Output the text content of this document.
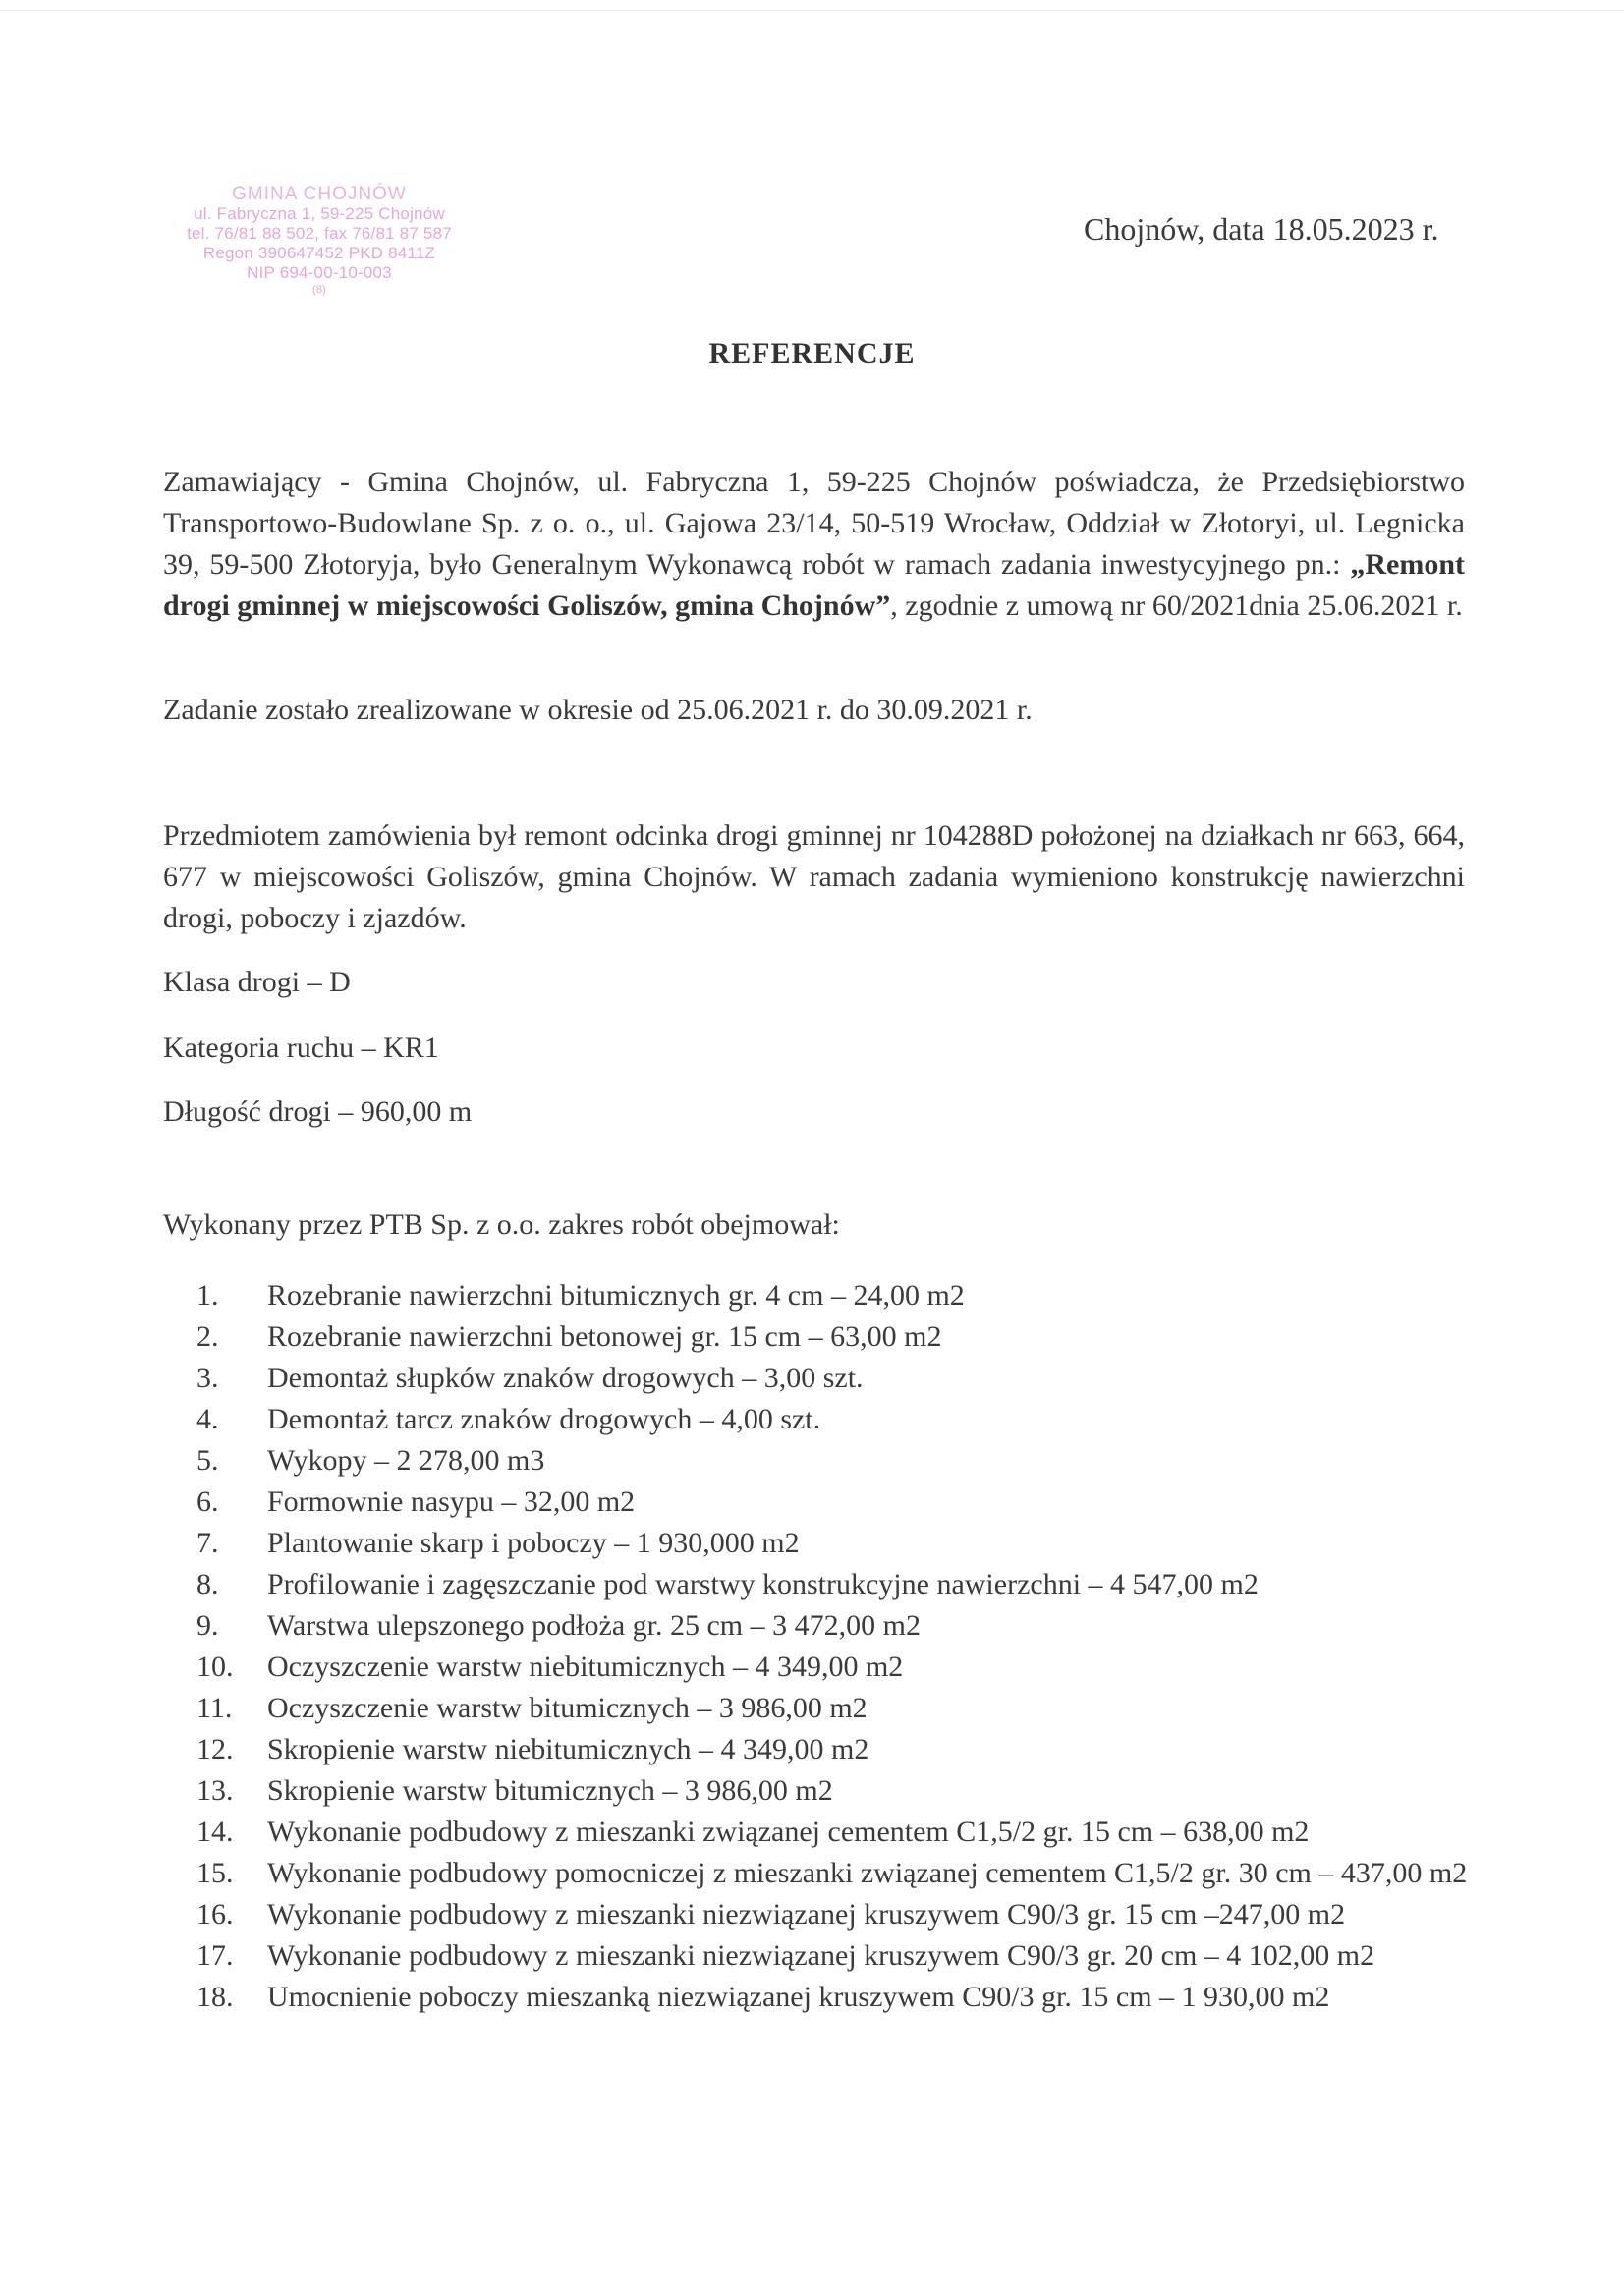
GMINA CHOJNÓW
ul. Fabryczna 1, 59-225 Chojnów
tel. 76/81 88 502, fax 76/81 87 587
Regon 390647452 PKD 8411Z
NIP 694-00-10-003
(8)
Chojnów, data 18.05.2023 r.
REFERENCJE

Zamawiający - Gmina Chojnów, ul. Fabryczna 1, 59-225 Chojnów poświadcza, że Przedsiębiorstwo Transportowo-Budowlane Sp. z o. o., ul. Gajowa 23/14, 50-519 Wrocław, Oddział w Złotoryi, ul. Legnicka 39, 59-500 Złotoryja, było Generalnym Wykonawcą robót w ramach zadania inwestycyjnego pn.: „Remont drogi gminnej w miejscowości Goliszów, gmina Chojnów”, zgodnie z umową nr 60/2021dnia 25.06.2021 r.

Zadanie zostało zrealizowane w okresie od 25.06.2021 r. do 30.09.2021 r.

Przedmiotem zamówienia był remont odcinka drogi gminnej nr 104288D położonej na działkach nr 663, 664, 677 w miejscowości Goliszów, gmina Chojnów. W ramach zadania wymieniono konstrukcję nawierzchni drogi, poboczy i zjazdów.

Klasa drogi – D
Kategoria ruchu – KR1
Długość drogi – 960,00 m
Wykonany przez PTB Sp. z o.o. zakres robót obejmował:
1.	Rozebranie nawierzchni bitumicznych gr. 4 cm – 24,00 m2
2.	Rozebranie nawierzchni betonowej gr. 15 cm – 63,00 m2
3.	Demontaż słupków znaków drogowych – 3,00 szt.
4.	Demontaż tarcz znaków drogowych – 4,00 szt.
5.	Wykopy – 2 278,00 m3
6.	Formownie nasypu – 32,00 m2
7.	Plantowanie skarp i poboczy – 1 930,000 m2
8.	Profilowanie i zagęszczanie pod warstwy konstrukcyjne nawierzchni – 4 547,00 m2
9.	Warstwa ulepszonego podłoża gr. 25 cm – 3 472,00 m2
10.	Oczyszczenie warstw niebitumicznych – 4 349,00 m2
11.	Oczyszczenie warstw bitumicznych – 3 986,00 m2
12.	Skropienie warstw niebitumicznych – 4 349,00 m2
13.	Skropienie warstw bitumicznych – 3 986,00 m2
14.	Wykonanie podbudowy z mieszanki związanej cementem C1,5/2 gr. 15 cm – 638,00 m2
15.	Wykonanie podbudowy pomocniczej z mieszanki związanej cementem C1,5/2 gr. 30 cm – 437,00 m2
16.	Wykonanie podbudowy z mieszanki niezwiązanej kruszywem C90/3 gr. 15 cm –247,00 m2
17.	Wykonanie podbudowy z mieszanki niezwiązanej kruszywem C90/3 gr. 20 cm – 4 102,00 m2
18.	Umocnienie poboczy mieszanką niezwiązanej kruszywem C90/3 gr. 15 cm – 1 930,00 m2
